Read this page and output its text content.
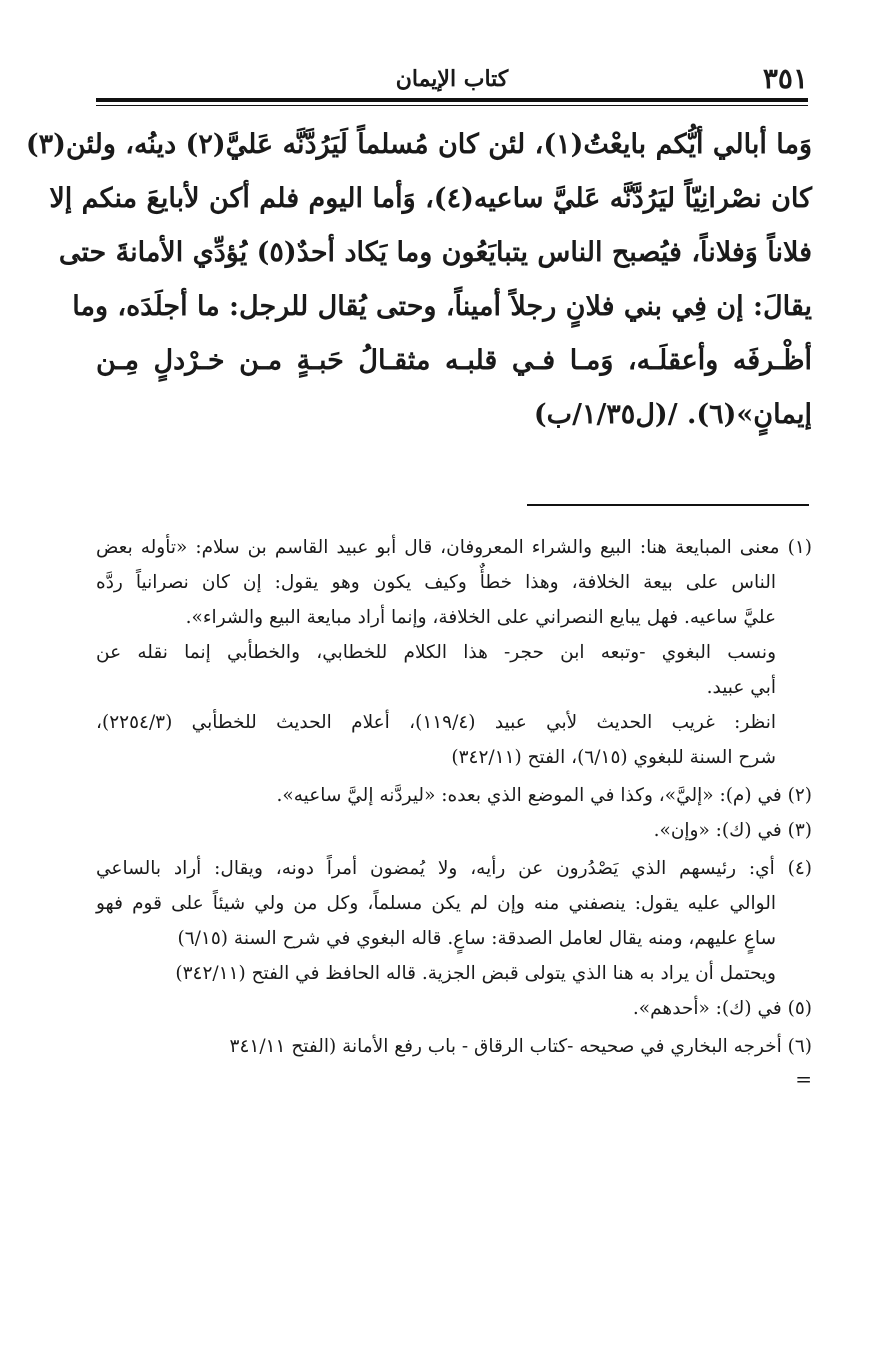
٣٥١
كتاب الإيمان
وَما أبالي أيُّكم بايعْتُ(١)، لئن كان مُسلماً لَيَرُدَّنَّه عَليَّ(٢) دينُه، ولئن(٣)
كان نصْرانِيّاً ليَرُدَّنَّه عَليَّ ساعيه(٤)، وَأما اليوم فلم أكن لأبايعَ منكم إلا
فلاناً وَفلاناً، فيُصبح الناس يتبايَعُون وما يَكاد أحدٌ(٥) يُؤدِّي الأمانةَ حتى
يقالَ: إن فِي بني فلانٍ رجلاً أميناً، وحتى يُقال للرجل: ما أجلَدَه، وما
أظْـرفَه وأعقلَـه، وَمـا فـي قلبـه مثقـالُ حَبـةٍ مـن خـرْدلٍ مِـن
إيمانٍ»(٦). /(ل١/٣٥/ب)
(١) معنى المبايعة هنا: البيع والشراء المعروفان، قال أبو عبيد القاسم بن سلام: «تأوله بعض
الناس على بيعة الخلافة، وهذا خطأٌ وكيف يكون وهو يقول: إن كان نصرانياً ردَّه
عليَّ ساعيه. فهل يبايع النصراني على الخلافة، وإنما أراد مبايعة البيع والشراء».
ونسب البغوي -وتبعه ابن حجر- هذا الكلام للخطابي، والخطأبي إنما نقله عن
أبي عبيد.
انظر: غريب الحديث لأبي عبيد (١١٩/٤)، أعلام الحديث للخطأبي (٢٢٥٤/٣)،
شرح السنة للبغوي (٦/١٥)، الفتح (٣٤٢/١١)
(٢) في (م): «إليَّ»، وكذا في الموضع الذي بعده: «ليردَّنه إليَّ ساعيه».
(٣) في (ك): «وإن».
(٤) أي: رئيسهم الذي يَصْدُرون عن رأيه، ولا يُمضون أمراً دونه، ويقال: أراد بالساعي
الوالي عليه يقول: ينصفني منه وإن لم يكن مسلماً، وكل من ولي شيئاً على قوم فهو
ساعٍ عليهم، ومنه يقال لعامل الصدقة: ساعٍ. قاله البغوي في شرح السنة (٦/١٥)
ويحتمل أن يراد به هنا الذي يتولى قبض الجزية. قاله الحافظ في الفتح (٣٤٢/١١)
(٥) في (ك): «أحدهم».
(٦) أخرجه البخاري في صحيحه -كتاب الرقاق - باب رفع الأمانة (الفتح ٣٤١/١١
=
